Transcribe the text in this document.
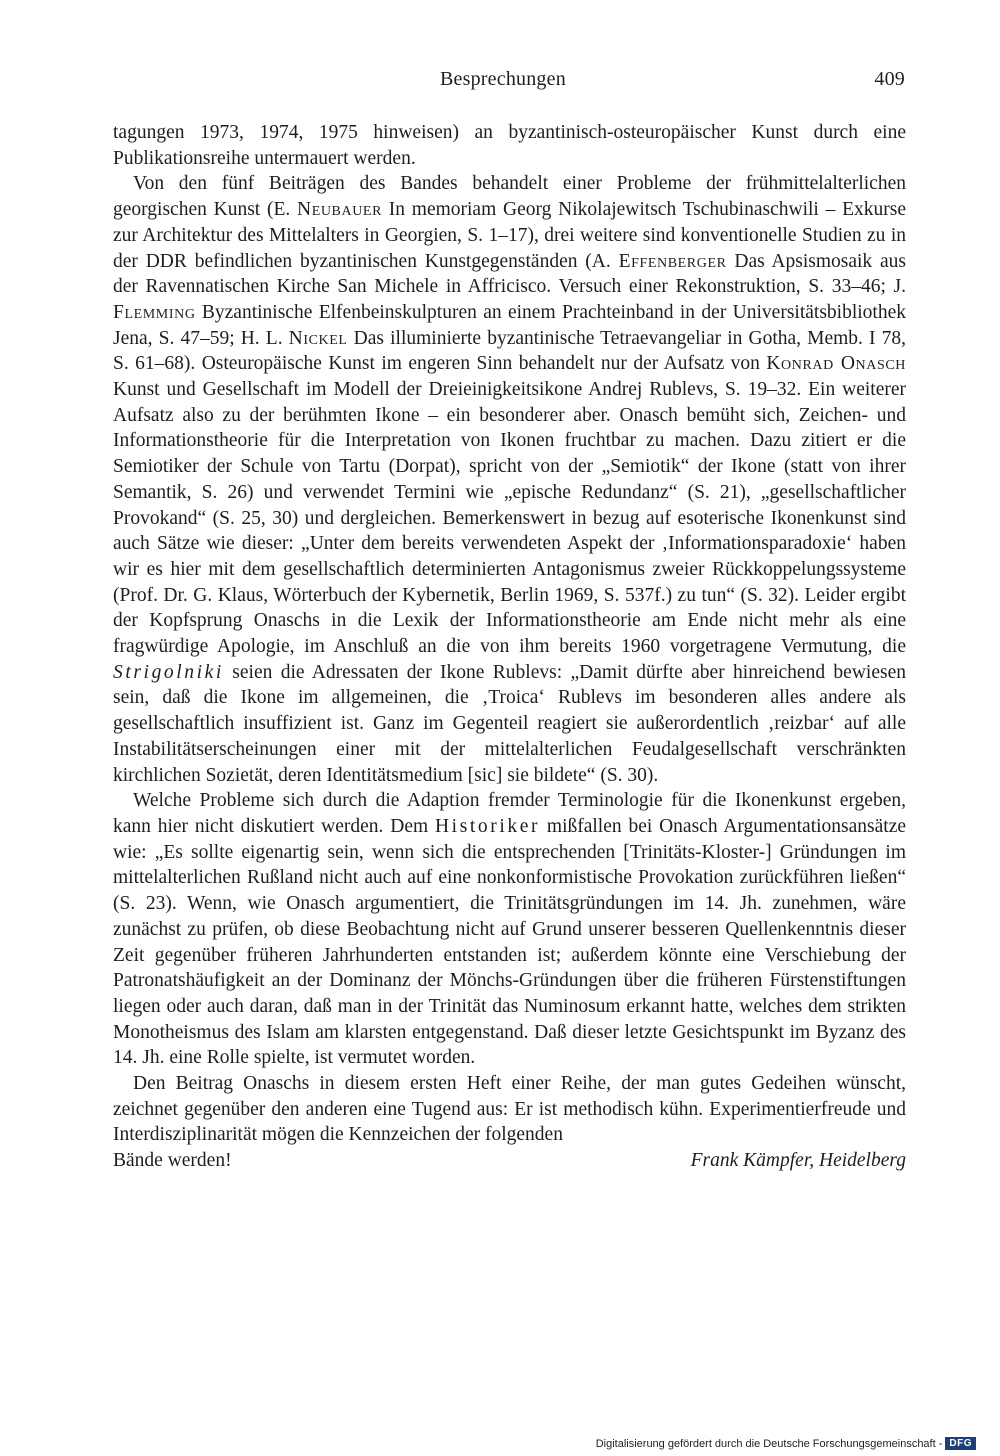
Besprechungen	409

tagungen 1973, 1974, 1975 hinweisen) an byzantinisch-osteuropäischer Kunst durch eine Publikationsreihe untermauert werden.

Von den fünf Beiträgen des Bandes behandelt einer Probleme der frühmittelalterlichen georgischen Kunst (E. Neubauer In memoriam Georg Nikolajewitsch Tschubinaschwili – Exkurse zur Architektur des Mittelalters in Georgien, S. 1–17), drei weitere sind konventionelle Studien zu in der DDR befindlichen byzantinischen Kunstgegenständen (A. Effenberger Das Apsismosaik aus der Ravennatischen Kirche San Michele in Affricisco. Versuch einer Rekonstruktion, S. 33–46; J. Flemming Byzantinische Elfenbeinskulpturen an einem Prachteinband in der Universitätsbibliothek Jena, S. 47–59; H. L. Nickel Das illuminierte byzantinische Tetraevangeliar in Gotha, Memb. I 78, S. 61–68). Osteuropäische Kunst im engeren Sinn behandelt nur der Aufsatz von Konrad Onasch Kunst und Gesellschaft im Modell der Dreieinigkeitsikone Andrej Rublevs, S. 19–32. Ein weiterer Aufsatz also zu der berühmten Ikone – ein besonderer aber. Onasch bemüht sich, Zeichen- und Informationstheorie für die Interpretation von Ikonen fruchtbar zu machen. Dazu zitiert er die Semiotiker der Schule von Tartu (Dorpat), spricht von der „Semiotik“ der Ikone (statt von ihrer Semantik, S. 26) und verwendet Termini wie „epische Redundanz“ (S. 21), „gesellschaftlicher Provokand“ (S. 25, 30) und dergleichen. Bemerkenswert in bezug auf esoterische Ikonenkunst sind auch Sätze wie dieser: „Unter dem bereits verwendeten Aspekt der ‚Informationsparadoxie‘ haben wir es hier mit dem gesellschaftlich determinierten Antagonismus zweier Rückkoppelungssysteme (Prof. Dr. G. Klaus, Wörterbuch der Kybernetik, Berlin 1969, S. 537f.) zu tun“ (S. 32). Leider ergibt der Kopfsprung Onaschs in die Lexik der Informationstheorie am Ende nicht mehr als eine fragwürdige Apologie, im Anschluß an die von ihm bereits 1960 vorgetragene Vermutung, die Strigolniki seien die Adressaten der Ikone Rublevs: „Damit dürfte aber hinreichend bewiesen sein, daß die Ikone im allgemeinen, die ‚Troica‘ Rublevs im besonderen alles andere als gesellschaftlich insuffizient ist. Ganz im Gegenteil reagiert sie außerordentlich ‚reizbar‘ auf alle Instabilitätserscheinungen einer mit der mittelalterlichen Feudalgesellschaft verschränkten kirchlichen Sozietät, deren Identitätsmedium [sic] sie bildete“ (S. 30).

Welche Probleme sich durch die Adaption fremder Terminologie für die Ikonenkunst ergeben, kann hier nicht diskutiert werden. Dem Historiker mißfallen bei Onasch Argumentationsansätze wie: „Es sollte eigenartig sein, wenn sich die entsprechenden [Trinitäts-Kloster-] Gründungen im mittelalterlichen Rußland nicht auch auf eine nonkonformistische Provokation zurückführen ließen“ (S. 23). Wenn, wie Onasch argumentiert, die Trinitätsgründungen im 14. Jh. zunehmen, wäre zunächst zu prüfen, ob diese Beobachtung nicht auf Grund unserer besseren Quellenkenntnis dieser Zeit gegenüber früheren Jahrhunderten entstanden ist; außerdem könnte eine Verschiebung der Patronatshäufigkeit an der Dominanz der Mönchs-Gründungen über die früheren Fürstenstiftungen liegen oder auch daran, daß man in der Trinität das Numinosum erkannt hatte, welches dem strikten Monotheismus des Islam am klarsten entgegenstand. Daß dieser letzte Gesichtspunkt im Byzanz des 14. Jh. eine Rolle spielte, ist vermutet worden.

Den Beitrag Onaschs in diesem ersten Heft einer Reihe, der man gutes Gedeihen wünscht, zeichnet gegenüber den anderen eine Tugend aus: Er ist methodisch kühn. Experimentierfreude und Interdisziplinarität mögen die Kennzeichen der folgenden

Bände werden!	Frank Kämpfer, Heidelberg
Digitalisierung gefördert durch die Deutsche Forschungsgemeinschaft - DFG
